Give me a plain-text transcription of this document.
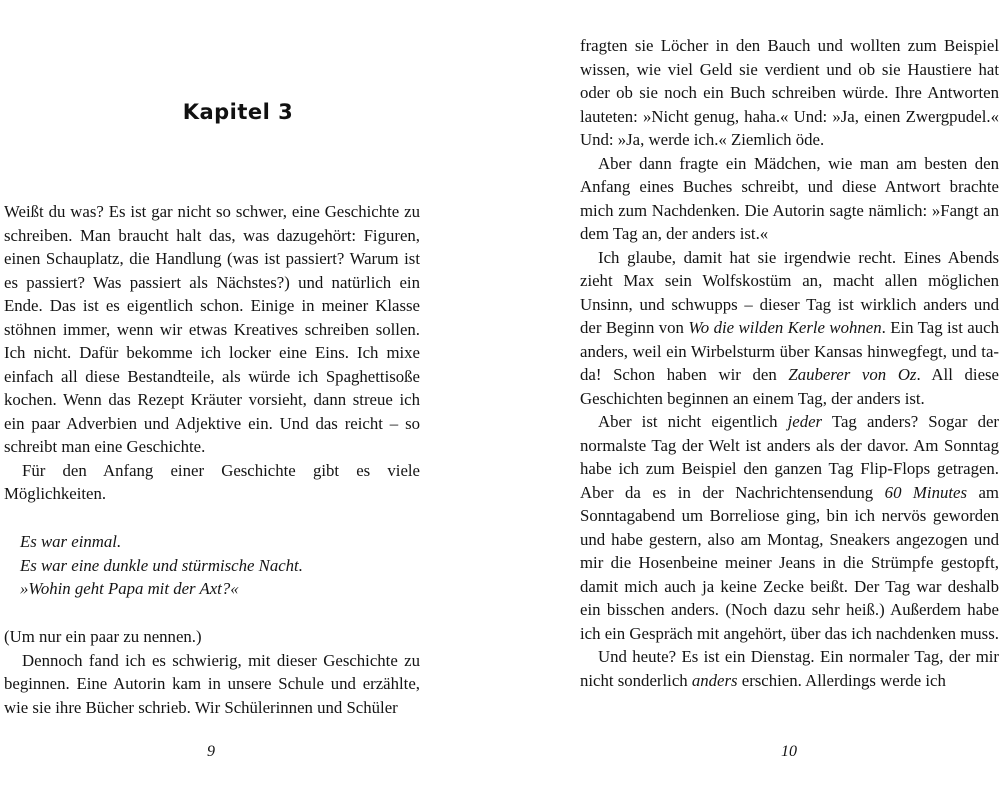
Kapitel 3

Weißt du was? Es ist gar nicht so schwer, eine Geschichte zu schreiben. Man braucht halt das, was dazugehört: Figuren, einen Schauplatz, die Handlung (was ist passiert? Warum ist es passiert? Was passiert als Nächstes?) und natürlich ein Ende. Das ist es eigentlich schon. Einige in meiner Klasse stöhnen immer, wenn wir etwas Kreatives schreiben sollen. Ich nicht. Dafür bekomme ich locker eine Eins. Ich mixe einfach all diese Bestandteile, als würde ich Spaghettisoße kochen. Wenn das Rezept Kräuter vorsieht, dann streue ich ein paar Adverbien und Adjektive ein. Und das reicht – so schreibt man eine Geschichte.

Für den Anfang einer Geschichte gibt es viele Möglichkeiten.

Es war einmal.
Es war eine dunkle und stürmische Nacht.
»Wohin geht Papa mit der Axt?«

(Um nur ein paar zu nennen.)

Dennoch fand ich es schwierig, mit dieser Geschichte zu beginnen. Eine Autorin kam in unsere Schule und erzählte, wie sie ihre Bücher schrieb. Wir Schülerinnen und Schüler

9

fragten sie Löcher in den Bauch und wollten zum Beispiel wissen, wie viel Geld sie verdient und ob sie Haustiere hat oder ob sie noch ein Buch schreiben würde. Ihre Antworten lauteten: »Nicht genug, haha.« Und: »Ja, einen Zwergpudel.« Und: »Ja, werde ich.« Ziemlich öde.

Aber dann fragte ein Mädchen, wie man am besten den Anfang eines Buches schreibt, und diese Antwort brachte mich zum Nachdenken. Die Autorin sagte nämlich: »Fangt an dem Tag an, der anders ist.«

Ich glaube, damit hat sie irgendwie recht. Eines Abends zieht Max sein Wolfskostüm an, macht allen möglichen Unsinn, und schwupps – dieser Tag ist wirklich anders und der Beginn von Wo die wilden Kerle wohnen. Ein Tag ist auch anders, weil ein Wirbelsturm über Kansas hinwegfegt, und ta-da! Schon haben wir den Zauberer von Oz. All diese Geschichten beginnen an einem Tag, der anders ist.

Aber ist nicht eigentlich jeder Tag anders? Sogar der normalste Tag der Welt ist anders als der davor. Am Sonntag habe ich zum Beispiel den ganzen Tag Flip-Flops getragen. Aber da es in der Nachrichtensendung 60 Minutes am Sonntagabend um Borreliose ging, bin ich nervös geworden und habe gestern, also am Montag, Sneakers angezogen und mir die Hosenbeine meiner Jeans in die Strümpfe gestopft, damit mich auch ja keine Zecke beißt. Der Tag war deshalb ein bisschen anders. (Noch dazu sehr heiß.) Außerdem habe ich ein Gespräch mit angehört, über das ich nachdenken muss.

Und heute? Es ist ein Dienstag. Ein normaler Tag, der mir nicht sonderlich anders erschien. Allerdings werde ich

10
